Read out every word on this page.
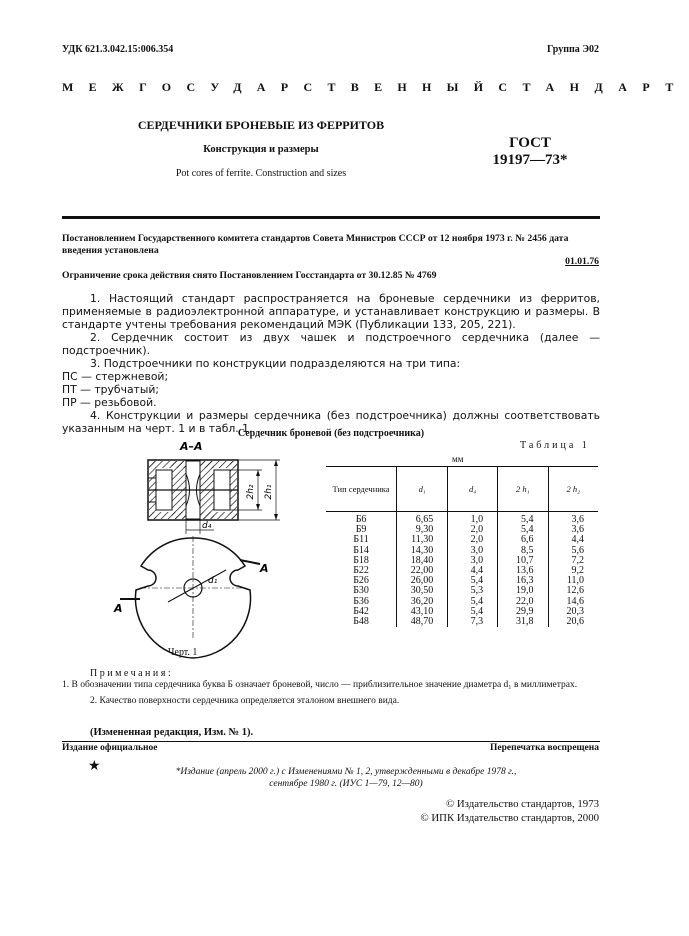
УДК 621.3.042.15:006.354	Группа Э02
МЕЖГОСУДАРСТВЕННЫЙ СТАНДАРТ
СЕРДЕЧНИКИ БРОНЕВЫЕ ИЗ ФЕРРИТОВ
Конструкция и размеры
Pot cores of ferrite. Construction and sizes
ГОСТ
19197—73*
Постановлением Государственного комитета стандартов Совета Министров СССР от 12 ноября 1973 г. № 2456 дата введения установлена
01.01.76
Ограничение срока действия снято Постановлением Госстандарта от 30.12.85 № 4769

1. Настоящий стандарт распространяется на броневые сердечники из ферритов, применяемые в радиоэлектронной аппаратуре, и устанавливает конструкцию и размеры. В стандарте учтены требования рекомендаций МЭК (Публикации 133, 205, 221).

2. Сердечник состоит из двух чашек и подстроечного сердечника (далее — подстроечник).

3. Подстроечники по конструкции подразделяются на три типа:

ПС — стержневой;

ПТ — трубчатый;

ПР — резьбовой.

4. Конструкции и размеры сердечника (без подстроечника) должны соответствовать указанным на черт. 1 и в табл. 1.

Сердечник броневой (без подстроечника)
А–А
2h₂ 2h₁
d₄
d₁
А
А
Черт. 1
Таблица 1
мм
Тип сердечника	d₁	d₄	2 h₁	2 h₂
Б6	6,65	1,0	5,4	3,6
Б9	9,30	2,0	5,4	3,6
Б11	11,30	2,0	6,6	4,4
Б14	14,30	3,0	8,5	5,6
Б18	18,40	3,0	10,7	7,2
Б22	22,00	4,4	13,6	9,2
Б26	26,00	5,4	16,3	11,0
Б30	30,50	5,3	19,0	12,6
Б36	36,20	5,4	22,0	14,6
Б42	43,10	5,4	29,9	20,3
Б48	48,70	7,3	31,8	20,6
Примечания:

1. В обозначении типа сердечника буква Б означает броневой, число — приблизительное значение диаметра d₁ в миллиметрах.

2. Качество поверхности сердечника определяется эталоном внешнего вида.

(Измененная редакция, Изм. № 1).
Издание официальное	Перепечатка воспрещена
★	*Издание (апрель 2000 г.) с Изменениями № 1, 2, утвержденными в декабре 1978 г.,
сентябре 1980 г. (ИУС 1—79, 12—80)
© Издательство стандартов, 1973
© ИПК Издательство стандартов, 2000
